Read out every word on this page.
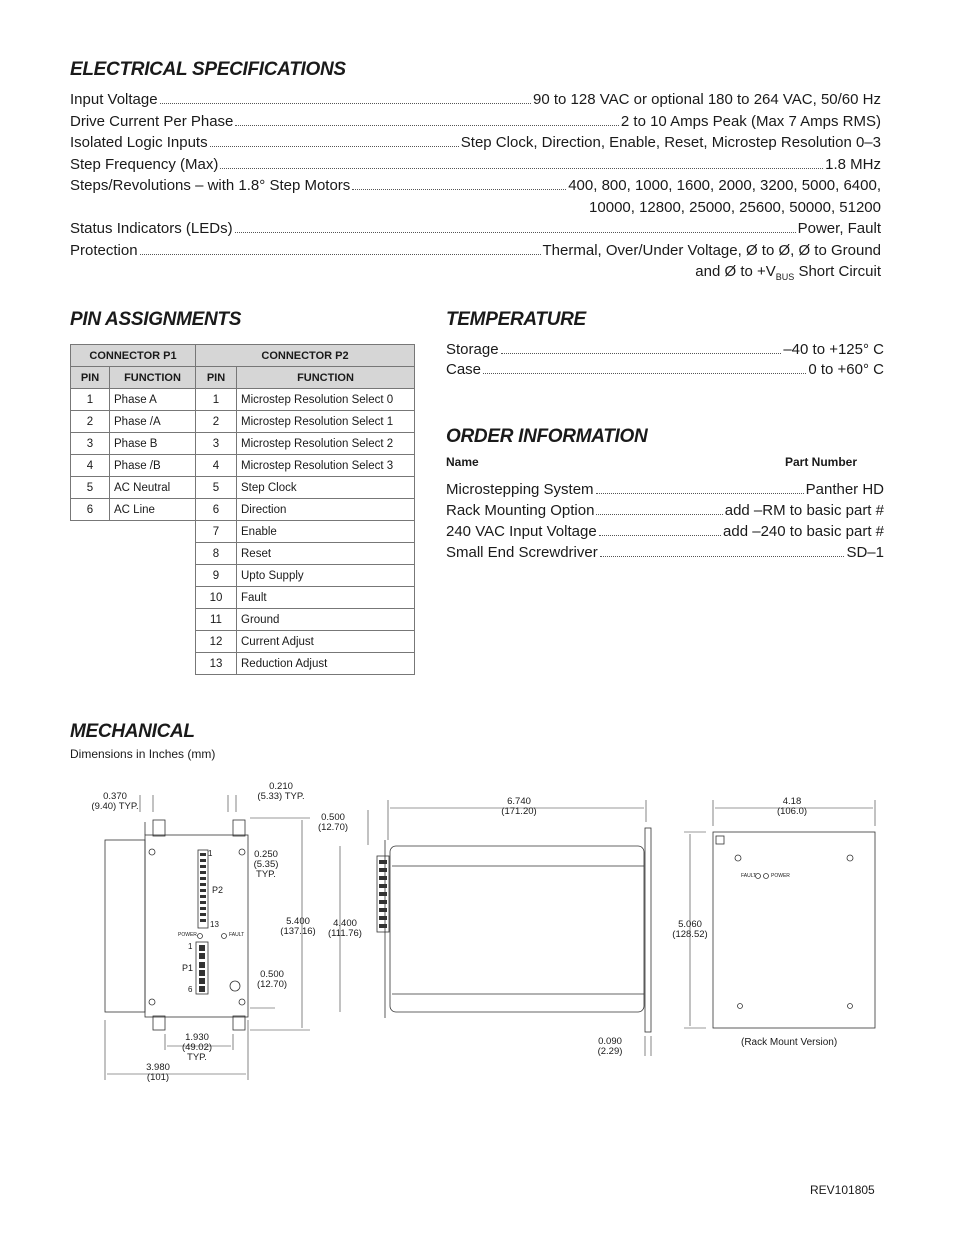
ELECTRICAL SPECIFICATIONS
Input Voltage	90 to 128 VAC or optional 180 to 264 VAC, 50/60 Hz
Drive Current Per Phase	2 to 10 Amps Peak (Max 7 Amps RMS)
Isolated Logic Inputs	Step Clock, Direction, Enable, Reset, Microstep Resolution 0–3
Step Frequency (Max)	1.8 MHz
Steps/Revolutions – with 1.8° Step Motors	400, 800, 1000, 1600, 2000, 3200, 5000, 6400,
10000, 12800, 25000, 25600, 50000, 51200
Status Indicators (LEDs)	Power, Fault
Protection	Thermal, Over/Under Voltage, Ø to Ø, Ø to Ground
and Ø to $+V_{BUS}$ Short Circuit
PIN ASSIGNMENTS
CONNECTOR P1		CONNECTOR P2	
PIN	FUNCTION	PIN	FUNCTION
1	Phase A	1	Microstep Resolution Select 0
2	Phase /A	2	Microstep Resolution Select 1
3	Phase B	3	Microstep Resolution Select 2
4	Phase /B	4	Microstep Resolution Select 3
5	AC Neutral	5	Step Clock
6	AC Line	6	Direction
		7	Enable
		8	Reset
		9	Upto Supply
		10	Fault
		11	Ground
		12	Current Adjust
		13	Reduction Adjust
TEMPERATURE
Storage	–40 to +125° C
Case	0 to +60° C
ORDER INFORMATION
Name	Part Number
Microstepping System	Panther HD
Rack Mounting Option	add –RM to basic part #
240 VAC Input Voltage	add –240 to basic part #
Small End Screwdriver	SD–1
MECHANICAL
Dimensions in Inches (mm)
0.370
(9.40) TYP.
0.210
(5.33) TYP.
0.500
(12.70)
0.250
(5.35)
TYP.
5.400
(137.16)
4.400
(111.76)
0.500
(12.70)
1.930
(49.02)
TYP.
3.980
(101)
6.740
(171.20)
0.090
(2.29)
4.18
(106.0)
5.060
(128.52)
1
P2
13
POWER	FAULT
1
P1
6
FAULT	POWER
(Rack Mount Version)
REV101805
